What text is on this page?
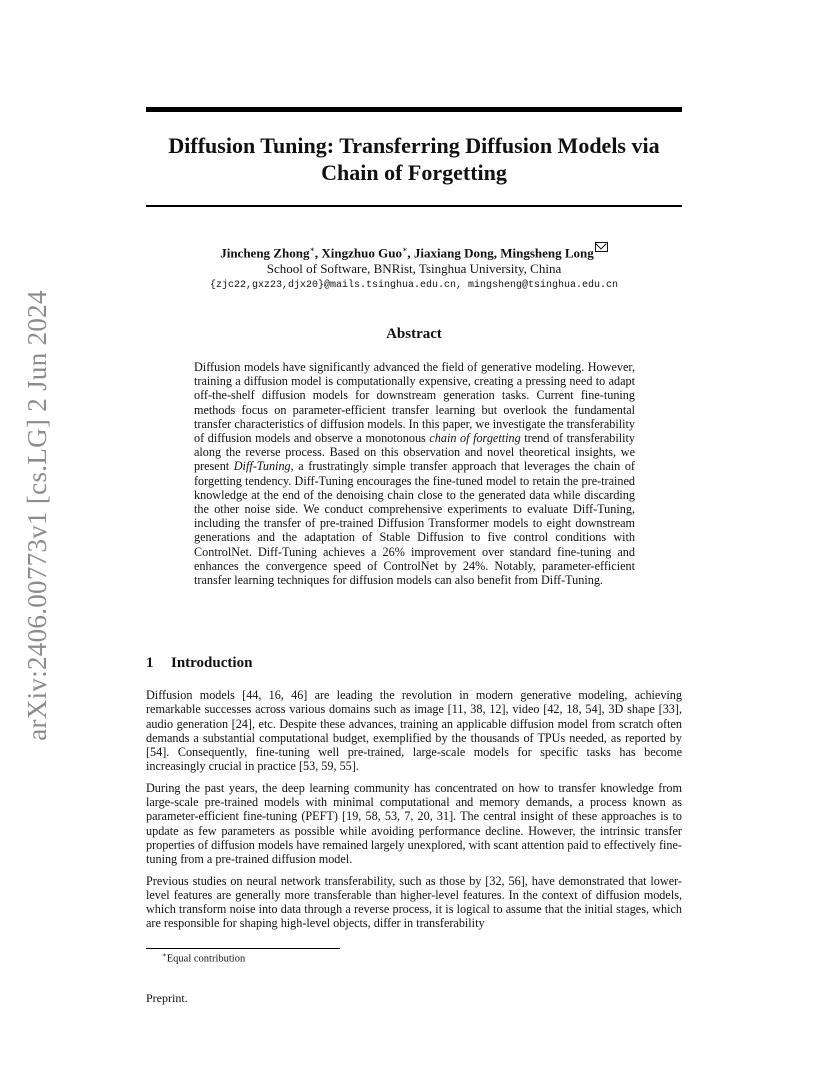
arXiv:2406.00773v1 [cs.LG] 2 Jun 2024
Diffusion Tuning: Transferring Diffusion Models via
Chain of Forgetting
Jincheng Zhong∗, Xingzhuo Guo∗, Jiaxiang Dong, Mingsheng Long
School of Software, BNRist, Tsinghua University, China
{zjc22,gxz23,djx20}@mails.tsinghua.edu.cn, mingsheng@tsinghua.edu.cn
Abstract
Diffusion models have significantly advanced the field of generative modeling. However, training a diffusion model is computationally expensive, creating a pressing need to adapt off-the-shelf diffusion models for downstream generation tasks. Current fine-tuning methods focus on parameter-efficient transfer learning but overlook the fundamental transfer characteristics of diffusion models. In this paper, we investigate the transferability of diffusion models and observe a monotonous chain of forgetting trend of transferability along the reverse process. Based on this observation and novel theoretical insights, we present Diff-Tuning, a frustratingly simple transfer approach that leverages the chain of forgetting tendency. Diff-Tuning encourages the fine-tuned model to retain the pre-trained knowledge at the end of the denoising chain close to the generated data while discarding the other noise side. We conduct comprehensive experiments to evaluate Diff-Tuning, including the transfer of pre-trained Diffusion Transformer models to eight downstream generations and the adaptation of Stable Diffusion to five control conditions with ControlNet. Diff-Tuning achieves a 26% improvement over standard fine-tuning and enhances the convergence speed of ControlNet by 24%. Notably, parameter-efficient transfer learning techniques for diffusion models can also benefit from Diff-Tuning.
1 Introduction

Diffusion models [44, 16, 46] are leading the revolution in modern generative modeling, achieving remarkable successes across various domains such as image [11, 38, 12], video [42, 18, 54], 3D shape [33], audio generation [24], etc. Despite these advances, training an applicable diffusion model from scratch often demands a substantial computational budget, exemplified by the thousands of TPUs needed, as reported by [54]. Consequently, fine-tuning well pre-trained, large-scale models for specific tasks has become increasingly crucial in practice [53, 59, 55].

During the past years, the deep learning community has concentrated on how to transfer knowledge from large-scale pre-trained models with minimal computational and memory demands, a process known as parameter-efficient fine-tuning (PEFT) [19, 58, 53, 7, 20, 31]. The central insight of these approaches is to update as few parameters as possible while avoiding performance decline. However, the intrinsic transfer properties of diffusion models have remained largely unexplored, with scant attention paid to effectively fine-tuning from a pre-trained diffusion model.

Previous studies on neural network transferability, such as those by [32, 56], have demonstrated that lower-level features are generally more transferable than higher-level features. In the context of diffusion models, which transform noise into data through a reverse process, it is logical to assume that the initial stages, which are responsible for shaping high-level objects, differ in transferability

∗Equal contribution
Preprint.
